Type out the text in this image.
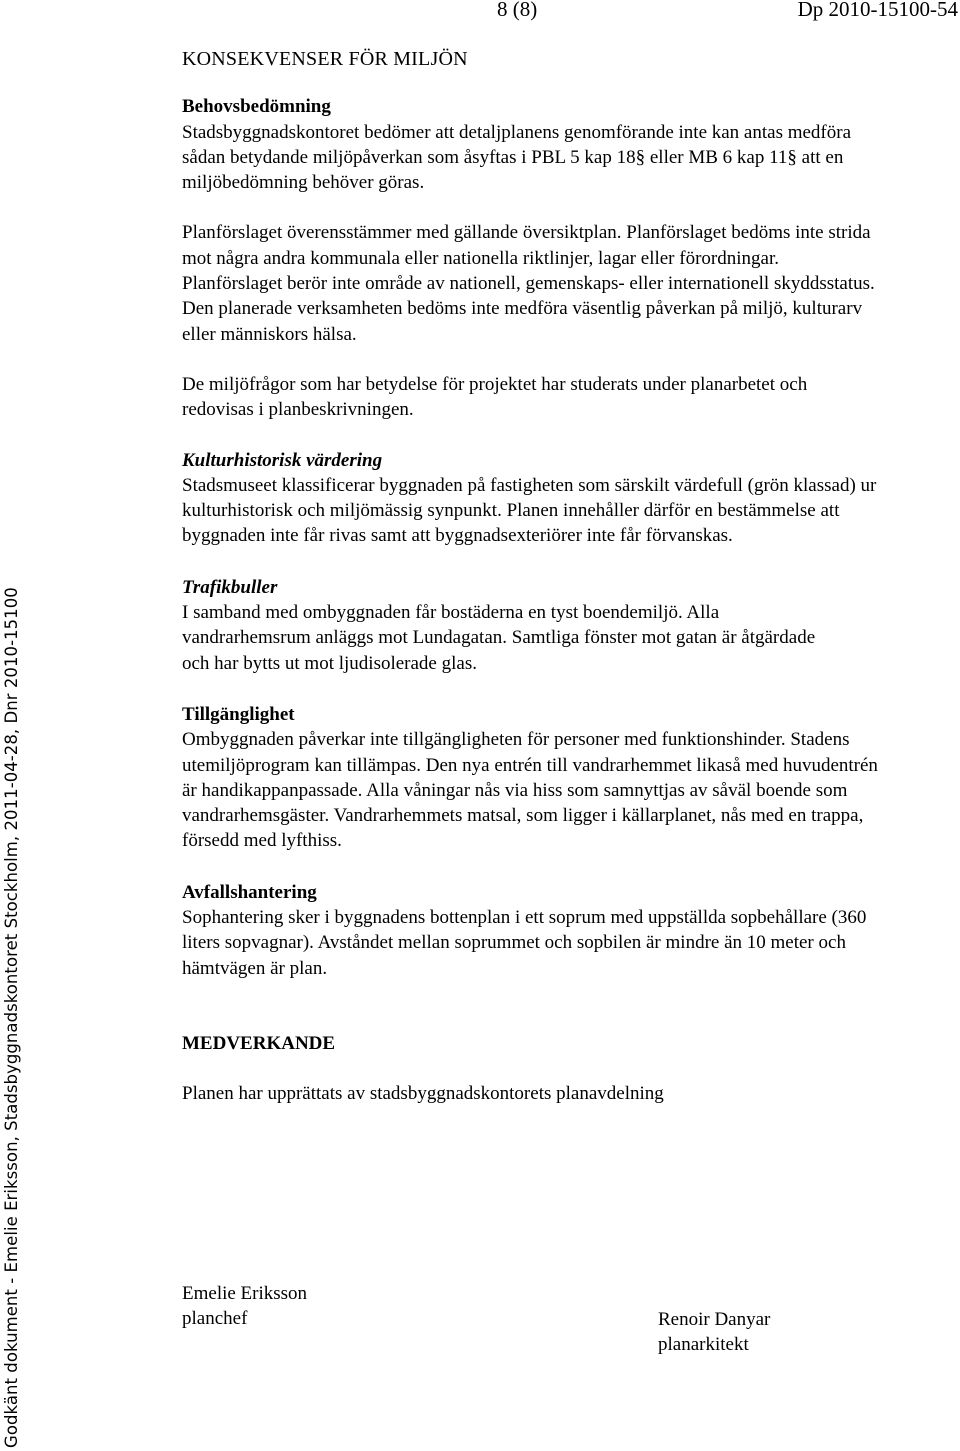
8 (8)	Dp 2010-15100-54
Godkänt dokument - Emelie Eriksson, Stadsbyggnadskontoret Stockholm, 2011-04-28, Dnr 2010-15100
KONSEKVENSER FÖR MILJÖN
Behovsbedömning

Stadsbyggnadskontoret bedömer att detaljplanens genomförande inte kan antas medföra sådan betydande miljöpåverkan som åsyftas i PBL 5 kap 18§ eller MB 6 kap 11§ att en miljöbedömning behöver göras.

Planförslaget överensstämmer med gällande översiktplan. Planförslaget bedöms inte strida mot några andra kommunala eller nationella riktlinjer, lagar eller förordningar. Planförslaget berör inte område av nationell, gemenskaps- eller internationell skyddsstatus. Den planerade verksamheten bedöms inte medföra väsentlig påverkan på miljö, kulturarv eller människors hälsa.

De miljöfrågor som har betydelse för projektet har studerats under planarbetet och redovisas i planbeskrivningen.

Kulturhistorisk värdering

Stadsmuseet klassificerar byggnaden på fastigheten som särskilt värdefull (grön klassad) ur kulturhistorisk och miljömässig synpunkt. Planen innehåller därför en bestämmelse att byggnaden inte får rivas samt att byggnadsexteriörer inte får förvanskas.

Trafikbuller

I samband med ombyggnaden får bostäderna en tyst boendemiljö. Alla vandrarhemsrum anläggs mot Lundagatan. Samtliga fönster mot gatan är åtgärdade och har bytts ut mot ljudisolerade glas.

Tillgänglighet

Ombyggnaden påverkar inte tillgängligheten för personer med funktionshinder. Stadens utemiljöprogram kan tillämpas. Den nya entrén till vandrarhemmet likaså med huvudentrén är handikappanpassade. Alla våningar nås via hiss som samnyttjas av såväl boende som vandrarhemsgäster. Vandrarhemmets matsal, som ligger i källarplanet, nås med en trappa, försedd med lyfthiss.

Avfallshantering

Sophantering sker i byggnadens bottenplan i ett soprum med uppställda sopbehållare (360 liters sopvagnar). Avståndet mellan soprummet och sopbilen är mindre än 10 meter och hämtvägen är plan.

MEDVERKANDE

Planen har upprättats av stadsbyggnadskontorets planavdelning

Emelie Eriksson
planchef	Renoir Danyar
planarkitekt
